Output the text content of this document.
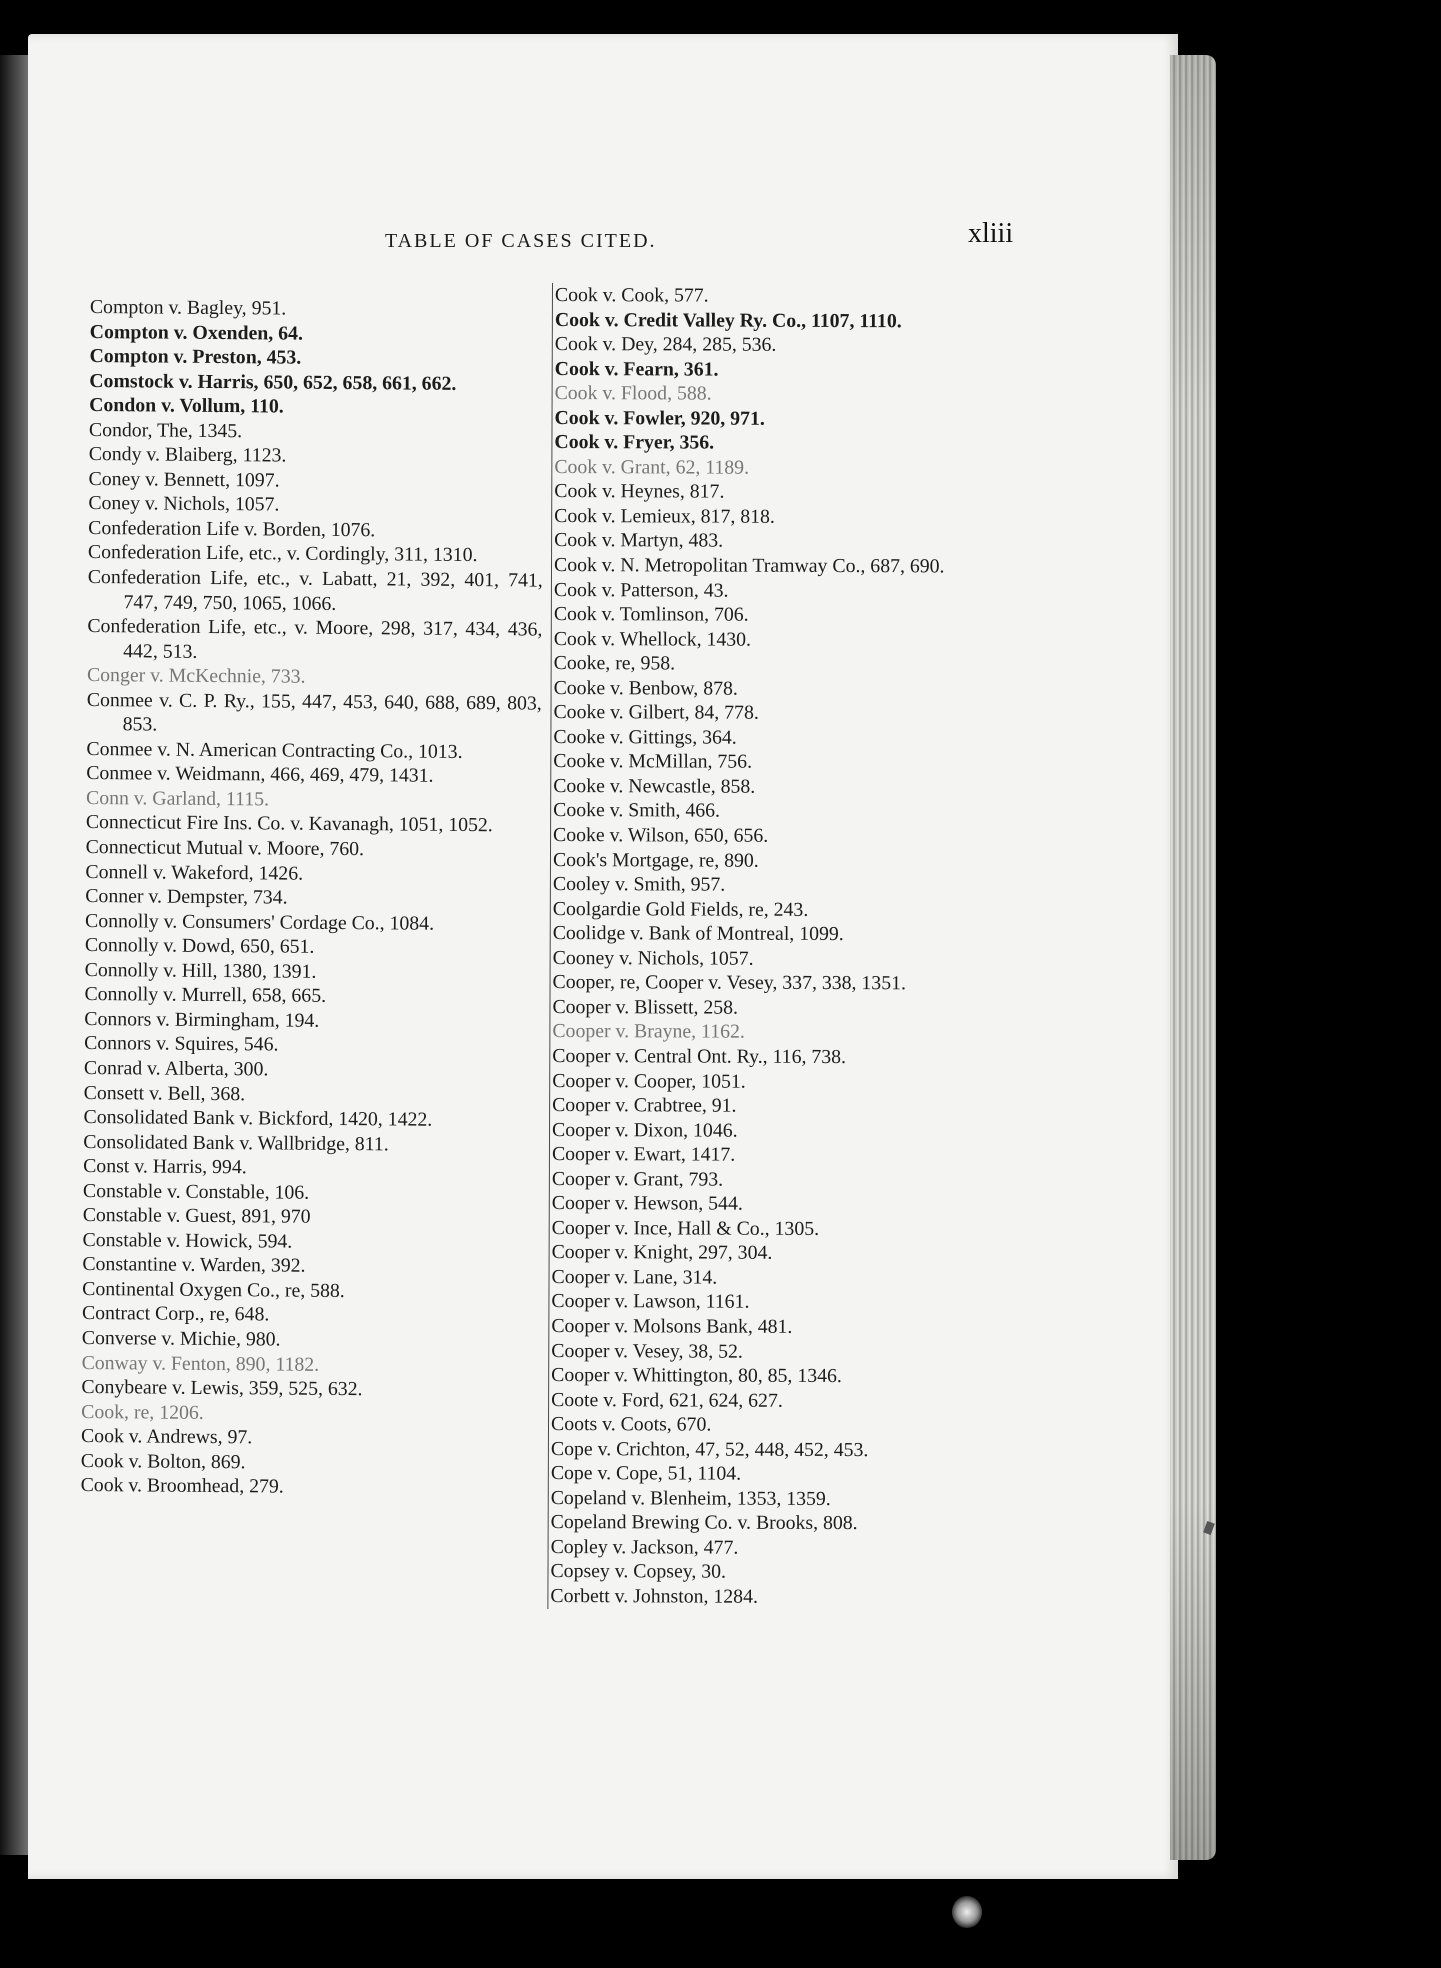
TABLE OF CASES CITED.	xliii
Compton v. Bagley, 951.
Compton v. Oxenden, 64.
Compton v. Preston, 453.
Comstock v. Harris, 650, 652, 658, 661, 662.
Condon v. Vollum, 110.
Condor, The, 1345.
Condy v. Blaiberg, 1123.
Coney v. Bennett, 1097.
Coney v. Nichols, 1057.
Confederation Life v. Borden, 1076.
Confederation Life, etc., v. Cordingly, 311, 1310.
Confederation Life, etc., v. Labatt, 21, 392, 401, 741, 747, 749, 750, 1065, 1066.
Confederation Life, etc., v. Moore, 298, 317, 434, 436, 442, 513.
Conger v. McKechnie, 733.
Conmee v. C. P. Ry., 155, 447, 453, 640, 688, 689, 803, 853.
Conmee v. N. American Contracting Co., 1013.
Conmee v. Weidmann, 466, 469, 479, 1431.
Conn v. Garland, 1115.
Connecticut Fire Ins. Co. v. Kavanagh, 1051, 1052.
Connecticut Mutual v. Moore, 760.
Connell v. Wakeford, 1426.
Conner v. Dempster, 734.
Connolly v. Consumers' Cordage Co., 1084.
Connolly v. Dowd, 650, 651.
Connolly v. Hill, 1380, 1391.
Connolly v. Murrell, 658, 665.
Connors v. Birmingham, 194.
Connors v. Squires, 546.
Conrad v. Alberta, 300.
Consett v. Bell, 368.
Consolidated Bank v. Bickford, 1420, 1422.
Consolidated Bank v. Wallbridge, 811.
Const v. Harris, 994.
Constable v. Constable, 106.
Constable v. Guest, 891, 970
Constable v. Howick, 594.
Constantine v. Warden, 392.
Continental Oxygen Co., re, 588.
Contract Corp., re, 648.
Converse v. Michie, 980.
Conway v. Fenton, 890, 1182.
Conybeare v. Lewis, 359, 525, 632.
Cook, re, 1206.
Cook v. Andrews, 97.
Cook v. Bolton, 869.
Cook v. Broomhead, 279.
Cook v. Cook, 577.
Cook v. Credit Valley Ry. Co., 1107, 1110.
Cook v. Dey, 284, 285, 536.
Cook v. Fearn, 361.
Cook v. Flood, 588.
Cook v. Fowler, 920, 971.
Cook v. Fryer, 356.
Cook v. Grant, 62, 1189.
Cook v. Heynes, 817.
Cook v. Lemieux, 817, 818.
Cook v. Martyn, 483.
Cook v. N. Metropolitan Tramway Co., 687, 690.
Cook v. Patterson, 43.
Cook v. Tomlinson, 706.
Cook v. Whellock, 1430.
Cooke, re, 958.
Cooke v. Benbow, 878.
Cooke v. Gilbert, 84, 778.
Cooke v. Gittings, 364.
Cooke v. McMillan, 756.
Cooke v. Newcastle, 858.
Cooke v. Smith, 466.
Cooke v. Wilson, 650, 656.
Cook's Mortgage, re, 890.
Cooley v. Smith, 957.
Coolgardie Gold Fields, re, 243.
Coolidge v. Bank of Montreal, 1099.
Cooney v. Nichols, 1057.
Cooper, re, Cooper v. Vesey, 337, 338, 1351.
Cooper v. Blissett, 258.
Cooper v. Brayne, 1162.
Cooper v. Central Ont. Ry., 116, 738.
Cooper v. Cooper, 1051.
Cooper v. Crabtree, 91.
Cooper v. Dixon, 1046.
Cooper v. Ewart, 1417.
Cooper v. Grant, 793.
Cooper v. Hewson, 544.
Cooper v. Ince, Hall & Co., 1305.
Cooper v. Knight, 297, 304.
Cooper v. Lane, 314.
Cooper v. Lawson, 1161.
Cooper v. Molsons Bank, 481.
Cooper v. Vesey, 38, 52.
Cooper v. Whittington, 80, 85, 1346.
Coote v. Ford, 621, 624, 627.
Coots v. Coots, 670.
Cope v. Crichton, 47, 52, 448, 452, 453.
Cope v. Cope, 51, 1104.
Copeland v. Blenheim, 1353, 1359.
Copeland Brewing Co. v. Brooks, 808.
Copley v. Jackson, 477.
Copsey v. Copsey, 30.
Corbett v. Johnston, 1284.
